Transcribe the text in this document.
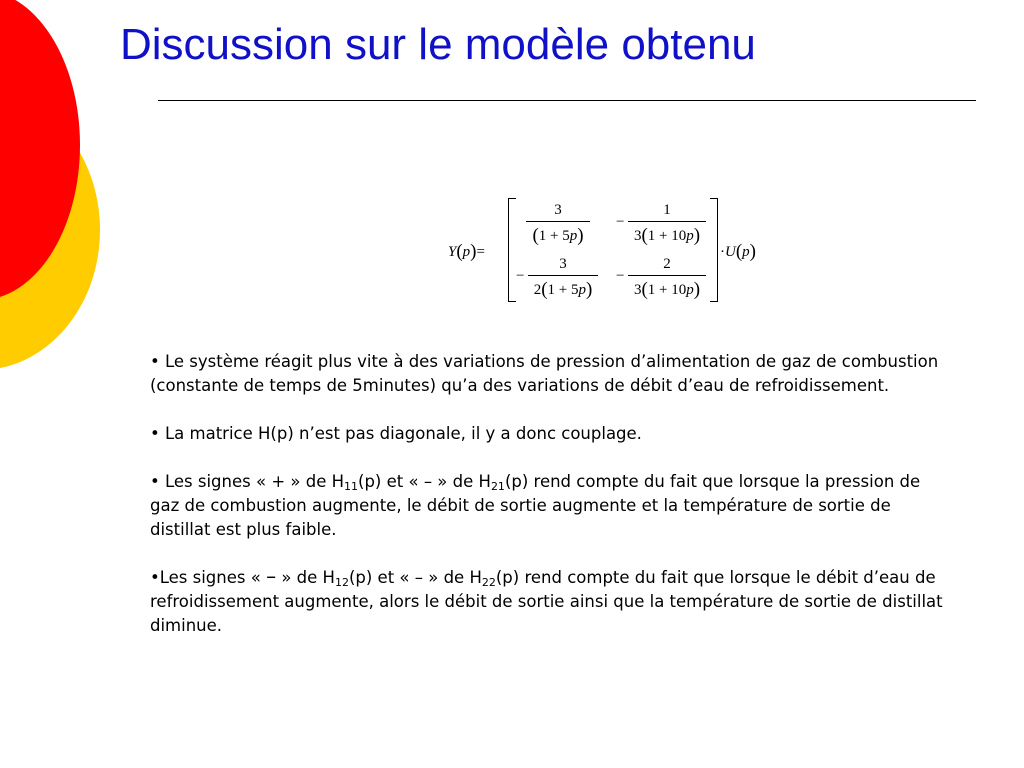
Discussion sur le modèle obtenu
Y(p)=
$\frac{3}{(1 + 5p)} - \frac{1}{3(1 + 10p)}$
− $\frac{3}{2(1 + 5p)} - \frac{2}{3(1 + 10p)}$
·U(p)

• Le système réagit plus vite à des variations de pression d’alimentation de gaz de combustion (constante de temps de 5minutes) qu’a des variations de débit d’eau de refroidissement.

• La matrice H(p) n’est pas diagonale, il y a donc couplage.

• Les signes « + » de $H_{11}(p)$ et « – » de $H_{21}(p)$ rend compte du fait que lorsque la pression de gaz de combustion augmente, le débit de sortie augmente et la température de sortie de distillat est plus faible.

•Les signes « – » de $H_{12}(p)$ et « – » de $H_{22}(p)$ rend compte du fait que lorsque le débit d’eau de refroidissement augmente, alors le débit de sortie ainsi que la température de sortie de distillat diminue.
